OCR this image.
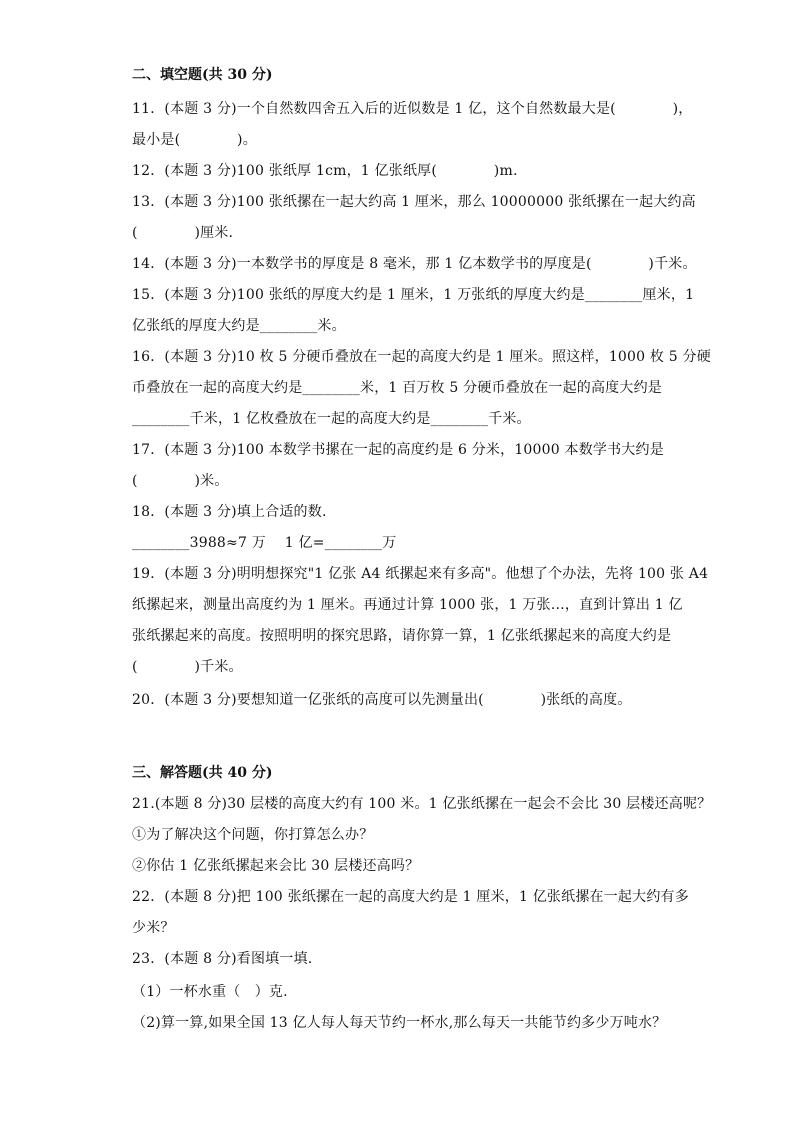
二、填空题(共 30 分)
11．(本题 3 分)一个自然数四舍五入后的近似数是 1 亿，这个自然数最大是(　　　　)，
最小是(　　　　)。
12．(本题 3 分)100 张纸厚 1cm，1 亿张纸厚(　　　　)m.
13．(本题 3 分)100 张纸摞在一起大约高 1 厘米，那么 10000000 张纸摞在一起大约高
(　　　　)厘米.
14．(本题 3 分)一本数学书的厚度是 8 毫米，那 1 亿本数学书的厚度是(　　　　)千米。
15．(本题 3 分)100 张纸的厚度大约是 1 厘米，1 万张纸的厚度大约是________厘米，1
亿张纸的厚度大约是________米。
16．(本题 3 分)10 枚 5 分硬币叠放在一起的高度大约是 1 厘米。照这样，1000 枚 5 分硬
币叠放在一起的高度大约是________米，1 百万枚 5 分硬币叠放在一起的高度大约是
________千米，1 亿枚叠放在一起的高度大约是________千米。
17．(本题 3 分)100 本数学书摞在一起的高度约是 6 分米，10000 本数学书大约是
(　　　　)米。
18．(本题 3 分)填上合适的数.
________3988≈7 万　 1 亿=________万
19．(本题 3 分)明明想探究"1 亿张 A4 纸摞起来有多高"。他想了个办法，先将 100 张 A4
纸摞起来，测量出高度约为 1 厘米。再通过计算 1000 张，1 万张…，直到计算出 1 亿
张纸摞起来的高度。按照明明的探究思路，请你算一算，1 亿张纸摞起来的高度大约是
(　　　　)千米。
20．(本题 3 分)要想知道一亿张纸的高度可以先测量出(　　　　)张纸的高度。
三、解答题(共 40 分)
21.(本题 8 分)30 层楼的高度大约有 100 米。1 亿张纸摞在一起会不会比 30 层楼还高呢？
①为了解决这个问题，你打算怎么办？
②你估 1 亿张纸摞起来会比 30 层楼还高吗？
22．(本题 8 分)把 100 张纸摞在一起的高度大约是 1 厘米，1 亿张纸摞在一起大约有多
少米？
23．(本题 8 分)看图填一填.
（1）一杯水重（　）克.
（2)算一算,如果全国 13 亿人每人每天节约一杯水,那么每天一共能节约多少万吨水？
